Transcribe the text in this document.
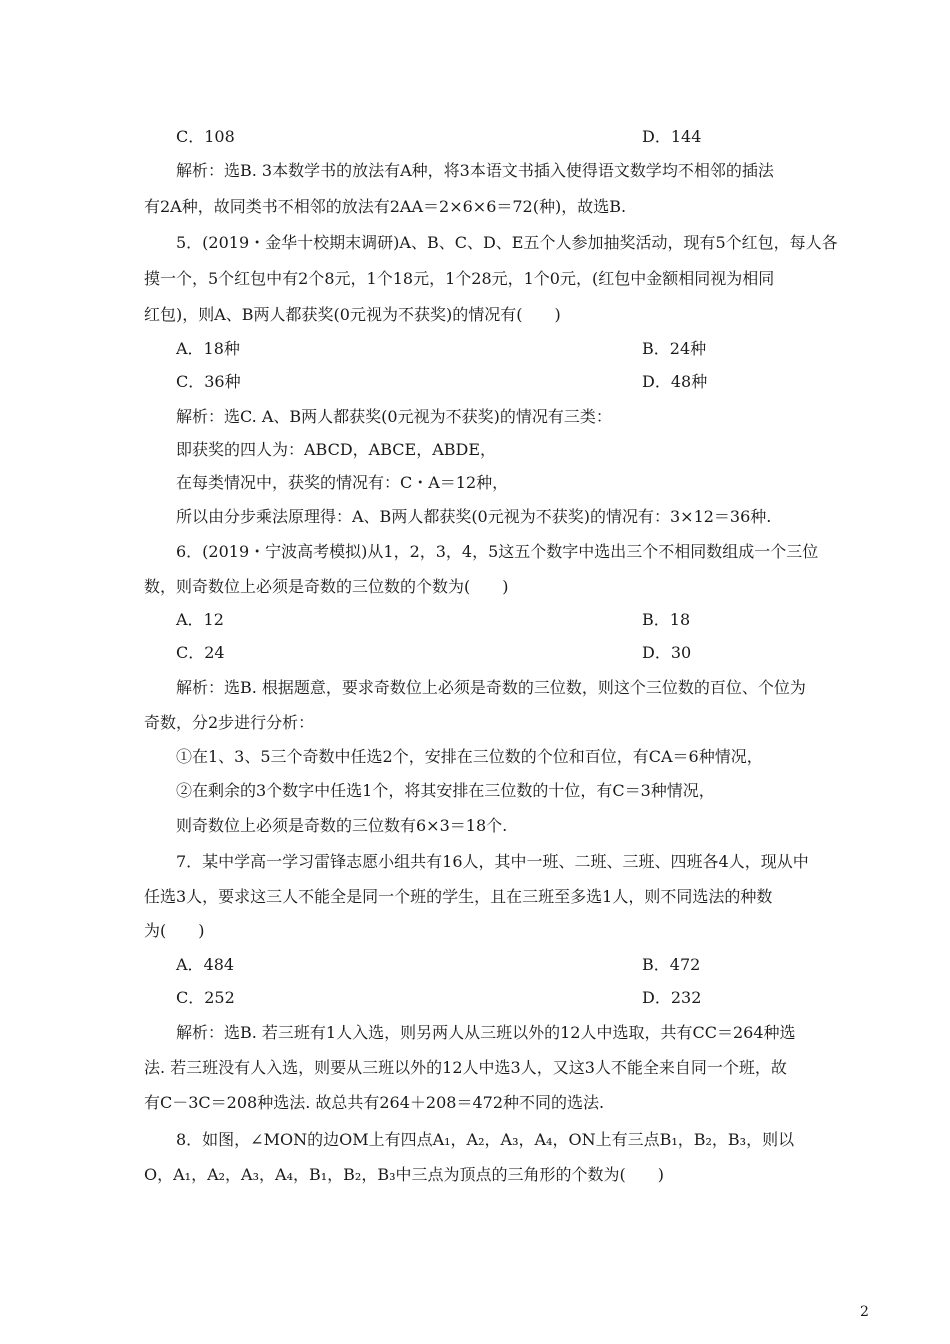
C．108	D．144
解析：选B. 3本数学书的放法有A种，将3本语文书插入使得语文数学均不相邻的插法
有2A种，故同类书不相邻的放法有2AA＝2×6×6＝72(种)，故选B.
5．(2019・金华十校期末调研)A、B、C、D、E五个人参加抽奖活动，现有5个红包，每人各
摸一个，5个红包中有2个8元，1个18元，1个28元，1个0元，(红包中金额相同视为相同
红包)，则A、B两人都获奖(0元视为不获奖)的情况有(　　)
A．18种	B．24种
C．36种	D．48种
解析：选C. A、B两人都获奖(0元视为不获奖)的情况有三类：
即获奖的四人为：ABCD，ABCE，ABDE，
在每类情况中，获奖的情况有：C・A＝12种，
所以由分步乘法原理得：A、B两人都获奖(0元视为不获奖)的情况有：3×12＝36种.
6．(2019・宁波高考模拟)从1，2，3，4，5这五个数字中选出三个不相同数组成一个三位
数，则奇数位上必须是奇数的三位数的个数为(　　)
A．12	B．18
C．24	D．30
解析：选B. 根据题意，要求奇数位上必须是奇数的三位数，则这个三位数的百位、个位为
奇数，分2步进行分析：
①在1、3、5三个奇数中任选2个，安排在三位数的个位和百位，有CA＝6种情况，
②在剩余的3个数字中任选1个，将其安排在三位数的十位，有C＝3种情况，
则奇数位上必须是奇数的三位数有6×3＝18个.
7．某中学高一学习雷锋志愿小组共有16人，其中一班、二班、三班、四班各4人，现从中
任选3人，要求这三人不能全是同一个班的学生，且在三班至多选1人，则不同选法的种数
为(　　)
A．484	B．472
C．252	D．232
解析：选B. 若三班有1人入选，则另两人从三班以外的12人中选取，共有CC＝264种选
法. 若三班没有人入选，则要从三班以外的12人中选3人，又这3人不能全来自同一个班，故
有C－3C＝208种选法. 故总共有264＋208＝472种不同的选法.
8．如图，∠MON的边OM上有四点A₁，A₂，A₃，A₄，ON上有三点B₁，B₂，B₃，则以
O，A₁，A₂，A₃，A₄，B₁，B₂，B₃中三点为顶点的三角形的个数为(　　)
2
